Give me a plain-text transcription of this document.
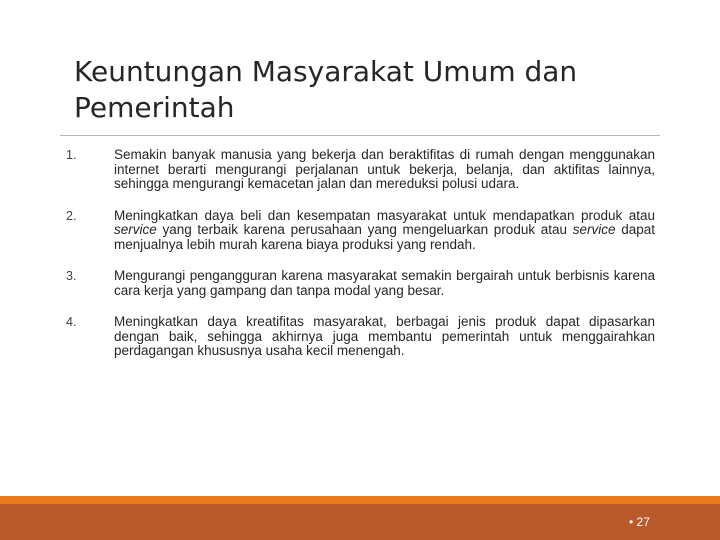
Keuntungan Masyarakat Umum dan
Pemerintah
1.	Semakin banyak manusia yang bekerja dan beraktifitas di rumah dengan menggunakan internet berarti mengurangi perjalanan untuk bekerja, belanja, dan aktifitas lainnya, sehingga mengurangi kemacetan jalan dan mereduksi polusi udara.
2.	Meningkatkan daya beli dan kesempatan masyarakat untuk mendapatkan produk atau service yang terbaik karena perusahaan yang mengeluarkan produk atau service dapat menjualnya lebih murah karena biaya produksi yang rendah.
3.	Mengurangi pengangguran karena masyarakat semakin bergairah untuk berbisnis karena cara kerja yang gampang dan tanpa modal yang besar.
4.	Meningkatkan daya kreatifitas masyarakat, berbagai jenis produk dapat dipasarkan dengan baik, sehingga akhirnya juga membantu pemerintah untuk menggairahkan perdagangan khususnya usaha kecil menengah.
• 27
